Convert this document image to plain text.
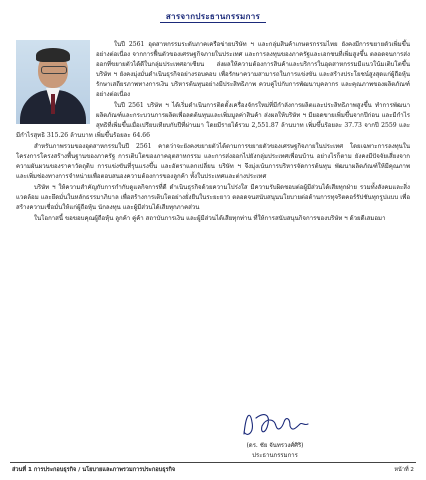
สารจากประธานกรรมการ

ในปี 2561 อุตสาหกรรมระดับภาคเครือข่ายบริษัท ฯ และกลุ่มสินค้าเกษตรกรรมไทย ยังคงมีการขยายตัวเพิ่มขึ้นอย่างต่อเนื่อง จากการฟื้นตัวของเศรษฐกิจภายในประเทศ และการลงทุนของภาครัฐและเอกชนที่เพิ่มสูงขึ้น ตลอดจนการส่งออกที่ขยายตัวได้ดีในกลุ่มประเทศอาเซียน ส่งผลให้ความต้องการสินค้าและบริการในอุตสาหกรรมมีแนวโน้มเติบโตขึ้น บริษัท ฯ ยังคงมุ่งมั่นดำเนินธุรกิจอย่างรอบคอบ เพื่อรักษาความสามารถในการแข่งขัน และสร้างประโยชน์สูงสุดแก่ผู้ถือหุ้น รักษาเสถียรภาพทางการเงิน บริหารต้นทุนอย่างมีประสิทธิภาพ ควบคู่ไปกับการพัฒนาบุคลากร และคุณภาพของผลิตภัณฑ์อย่างต่อเนื่อง

ในปี 2561 บริษัท ฯ ได้เริ่มดำเนินการติดตั้งเครื่องจักรใหม่ที่มีกำลังการผลิตและประสิทธิภาพสูงขึ้น ทำการพัฒนาผลิตภัณฑ์และกระบวนการผลิตเพื่อลดต้นทุนและเพิ่มมูลค่าสินค้า ส่งผลให้บริษัท ฯ มียอดขายเพิ่มขึ้นจากปีก่อน และมีกำไรสุทธิที่เพิ่มขึ้นเมื่อเปรียบเทียบกับปีที่ผ่านมา โดยมีรายได้รวม 2,551.87 ล้านบาท เพิ่มขึ้นร้อยละ 37.73 จากปี 2559 และมีกำไรสุทธิ 315.26 ล้านบาท เพิ่มขึ้นร้อยละ 64.66

สำหรับภาพรวมของอุตสาหกรรมในปี 2561 คาดว่าจะยังคงขยายตัวได้ตามการขยายตัวของเศรษฐกิจภายในประเทศ โดยเฉพาะการลงทุนในโครงการโครงสร้างพื้นฐานของภาครัฐ การเติบโตของภาคอุตสาหกรรม และการส่งออกไปยังกลุ่มประเทศเพื่อนบ้าน อย่างไรก็ตาม ยังคงมีปัจจัยเสี่ยงจากความผันผวนของราคาวัตถุดิบ การแข่งขันที่รุนแรงขึ้น และอัตราแลกเปลี่ยน บริษัท ฯ จึงมุ่งเน้นการบริหารจัดการต้นทุน พัฒนาผลิตภัณฑ์ให้มีคุณภาพ และเพิ่มช่องทางการจำหน่ายเพื่อตอบสนองความต้องการของลูกค้า ทั้งในประเทศและต่างประเทศ

บริษัท ฯ ให้ความสำคัญกับการกำกับดูแลกิจการที่ดี ดำเนินธุรกิจด้วยความโปร่งใส มีความรับผิดชอบต่อผู้มีส่วนได้เสียทุกฝ่าย รวมทั้งสังคมและสิ่งแวดล้อม และยึดมั่นในหลักธรรมาภิบาล เพื่อสร้างการเติบโตอย่างยั่งยืนในระยะยาว ตลอดจนสนับสนุนนโยบายต่อต้านการทุจริตคอร์รัปชันทุกรูปแบบ เพื่อสร้างความเชื่อมั่นให้แก่ผู้ถือหุ้น นักลงทุน และผู้มีส่วนได้เสียทุกภาคส่วน

ในโอกาสนี้ ขอขอบคุณผู้ถือหุ้น ลูกค้า คู่ค้า สถาบันการเงิน และผู้มีส่วนได้เสียทุกท่าน ที่ให้การสนับสนุนกิจการของบริษัท ฯ ด้วยดีเสมอมา

(ดร. ชัย จันทรวงศ์ศิริ)
ประธานกรรมการ
ส่วนที่ 1 การประกอบธุรกิจ / นโยบายและภาพรวมการประกอบธุรกิจ	หน้าที่ 2
